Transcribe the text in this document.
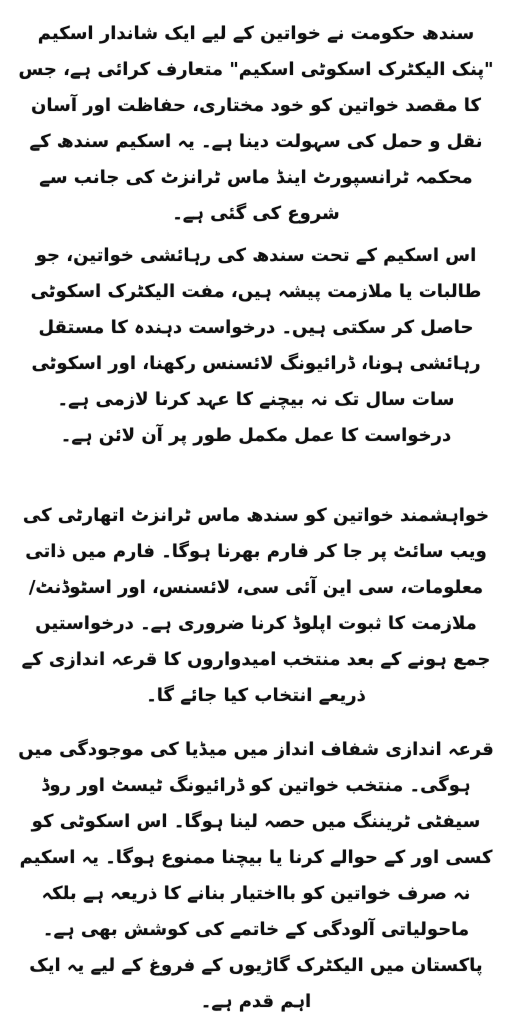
سندھ حکومت نے خواتین کے لیے ایک شاندار اسکیم "پنک الیکٹرک اسکوٹی اسکیم" متعارف کرائی ہے، جس کا مقصد خواتین کو خود مختاری، حفاظت اور آسان نقل و حمل کی سہولت دینا ہے۔ یہ اسکیم سندھ کے محکمہ ٹرانسپورٹ اینڈ ماس ٹرانزٹ کی جانب سے شروع کی گئی ہے۔

اس اسکیم کے تحت سندھ کی رہائشی خواتین، جو طالبات یا ملازمت پیشہ ہیں، مفت الیکٹرک اسکوٹی حاصل کر سکتی ہیں۔ درخواست دہندہ کا مستقل رہائشی ہونا، ڈرائیونگ لائسنس رکھنا، اور اسکوٹی سات سال تک نہ بیچنے کا عہد کرنا لازمی ہے۔ درخواست کا عمل مکمل طور پر آن لائن ہے۔

خواہشمند خواتین کو سندھ ماس ٹرانزٹ اتھارٹی کی ویب سائٹ پر جا کر فارم بھرنا ہوگا۔ فارم میں ذاتی معلومات، سی این آئی سی، لائسنس، اور اسٹوڈنٹ/ملازمت کا ثبوت اپلوڈ کرنا ضروری ہے۔ درخواستیں جمع ہونے کے بعد منتخب امیدواروں کا قرعہ اندازی کے ذریعے انتخاب کیا جائے گا۔

قرعہ اندازی شفاف انداز میں میڈیا کی موجودگی میں ہوگی۔ منتخب خواتین کو ڈرائیونگ ٹیسٹ اور روڈ سیفٹی ٹریننگ میں حصہ لینا ہوگا۔ اس اسکوٹی کو کسی اور کے حوالے کرنا یا بیچنا ممنوع ہوگا۔ یہ اسکیم نہ صرف خواتین کو بااختیار بنانے کا ذریعہ ہے بلکہ ماحولیاتی آلودگی کے خاتمے کی کوشش بھی ہے۔ پاکستان میں الیکٹرک گاڑیوں کے فروغ کے لیے یہ ایک اہم قدم ہے۔
